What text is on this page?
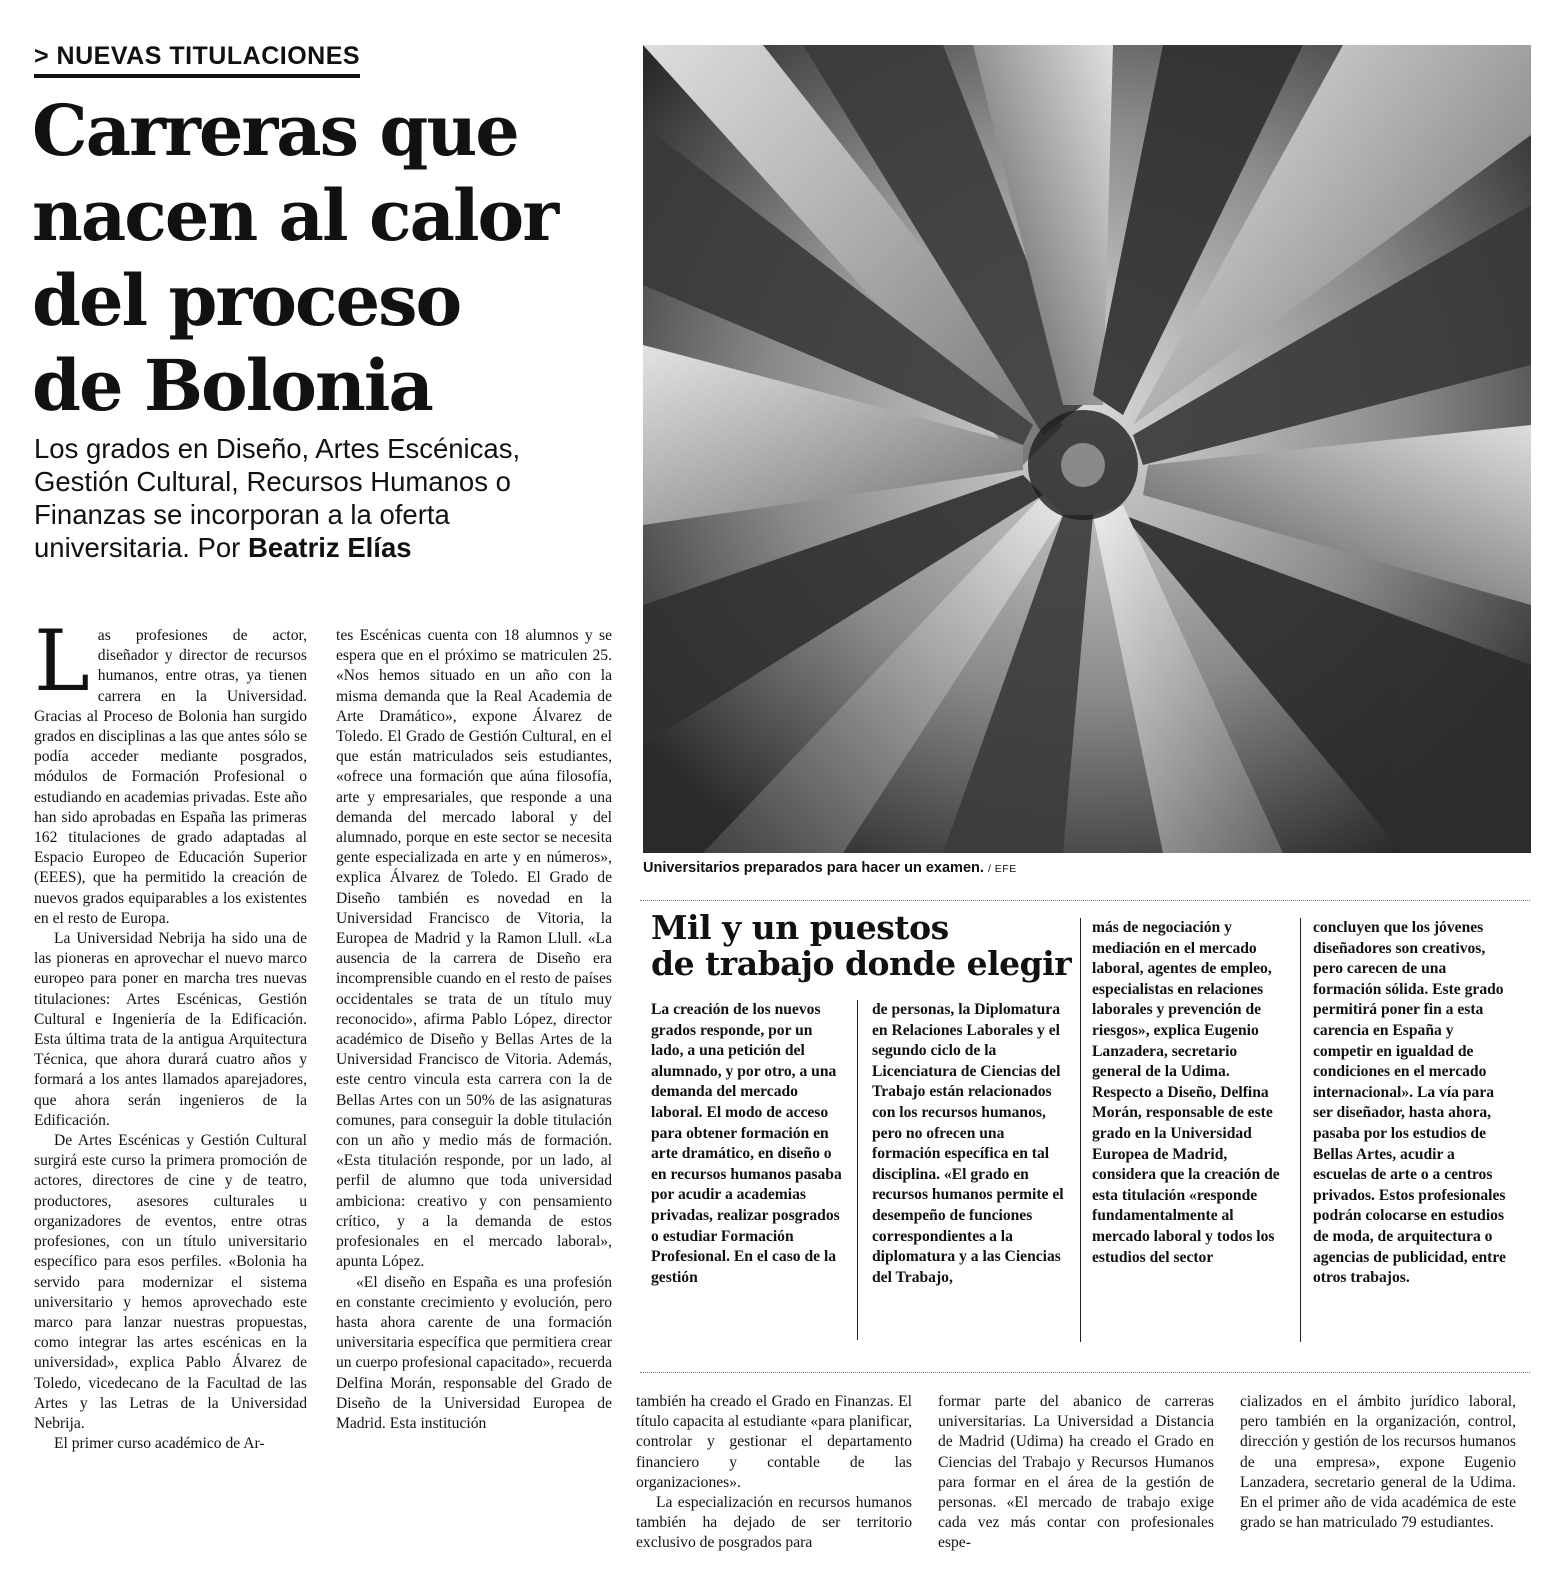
> NUEVAS TITULACIONES
Carreras que
nacen al calor
del proceso
de Bolonia

Los grados en Diseño, Artes Escénicas, Gestión Cultural, Recursos Humanos o Finanzas se incorporan a la oferta universitaria. Por Beatriz Elías

Universitarios preparados para hacer un examen. / EFE

Las profesiones de actor, diseñador y director de recursos humanos, entre otras, ya tienen carrera en la Universidad. Gracias al Proceso de Bolonia han surgido grados en disciplinas a las que antes sólo se podía acceder mediante posgrados, módulos de Formación Profesional o estudiando en academias privadas. Este año han sido aprobadas en España las primeras 162 titulaciones de grado adaptadas al Espacio Europeo de Educación Superior (EEES), que ha permitido la creación de nuevos grados equiparables a los existentes en el resto de Europa.

La Universidad Nebrija ha sido una de las pioneras en aprovechar el nuevo marco europeo para poner en marcha tres nuevas titulaciones: Artes Escénicas, Gestión Cultural e Ingeniería de la Edificación. Esta última trata de la antigua Arquitectura Técnica, que ahora durará cuatro años y formará a los antes llamados aparejadores, que ahora serán ingenieros de la Edificación.

De Artes Escénicas y Gestión Cultural surgirá este curso la primera promoción de actores, directores de cine y de teatro, productores, asesores culturales u organizadores de eventos, entre otras profesiones, con un título universitario específico para esos perfiles. «Bolonia ha servido para modernizar el sistema universitario y hemos aprovechado este marco para lanzar nuestras propuestas, como integrar las artes escénicas en la universidad», explica Pablo Álvarez de Toledo, vicedecano de la Facultad de las Artes y las Letras de la Universidad Nebrija.

El primer curso académico de Ar-

tes Escénicas cuenta con 18 alumnos y se espera que en el próximo se matriculen 25. «Nos hemos situado en un año con la misma demanda que la Real Academia de Arte Dramático», expone Álvarez de Toledo. El Grado de Gestión Cultural, en el que están matriculados seis estudiantes, «ofrece una formación que aúna filosofía, arte y empresariales, que responde a una demanda del mercado laboral y del alumnado, porque en este sector se necesita gente especializada en arte y en números», explica Álvarez de Toledo. El Grado de Diseño también es novedad en la Universidad Francisco de Vitoria, la Europea de Madrid y la Ramon Llull. «La ausencia de la carrera de Diseño era incomprensible cuando en el resto de países occidentales se trata de un título muy reconocido», afirma Pablo López, director académico de Diseño y Bellas Artes de la Universidad Francisco de Vitoria. Además, este centro vincula esta carrera con la de Bellas Artes con un 50% de las asignaturas comunes, para conseguir la doble titulación con un año y medio más de formación. «Esta titulación responde, por un lado, al perfil de alumno que toda universidad ambiciona: creativo y con pensamiento crítico, y a la demanda de estos profesionales en el mercado laboral», apunta López.

«El diseño en España es una profesión en constante crecimiento y evolución, pero hasta ahora carente de una formación universitaria específica que permitiera crear un cuerpo profesional capacitado», recuerda Delfina Morán, responsable del Grado de Diseño de la Universidad Europea de Madrid. Esta institución

también ha creado el Grado en Finanzas. El título capacita al estudiante «para planificar, controlar y gestionar el departamento financiero y contable de las organizaciones».

La especialización en recursos humanos también ha dejado de ser territorio exclusivo de posgrados para

formar parte del abanico de carreras universitarias. La Universidad a Distancia de Madrid (Udima) ha creado el Grado en Ciencias del Trabajo y Recursos Humanos para formar en el área de la gestión de personas. «El mercado de trabajo exige cada vez más contar con profesionales espe-

cializados en el ámbito jurídico laboral, pero también en la organización, control, dirección y gestión de los recursos humanos de una empresa», expone Eugenio Lanzadera, secretario general de la Udima. En el primer año de vida académica de este grado se han matriculado 79 estudiantes.

Mil y un puestos
de trabajo donde elegir

La creación de los nuevos grados responde, por un lado, a una petición del alumnado, y por otro, a una demanda del mercado laboral. El modo de acceso para obtener formación en arte dramático, en diseño o en recursos humanos pasaba por acudir a academias privadas, realizar posgrados o estudiar Formación Profesional. En el caso de la gestión

de personas, la Diplomatura en Relaciones Laborales y el segundo ciclo de la Licenciatura de Ciencias del Trabajo están relacionados con los recursos humanos, pero no ofrecen una formación específica en tal disciplina. «El grado en recursos humanos permite el desempeño de funciones correspondientes a la diplomatura y a las Ciencias del Trabajo,

más de negociación y mediación en el mercado laboral, agentes de empleo, especialistas en relaciones laborales y prevención de riesgos», explica Eugenio Lanzadera, secretario general de la Udima. Respecto a Diseño, Delfina Morán, responsable de este grado en la Universidad Europea de Madrid, considera que la creación de esta titulación «responde fundamentalmente al mercado laboral y todos los estudios del sector

concluyen que los jóvenes diseñadores son creativos, pero carecen de una formación sólida. Este grado permitirá poner fin a esta carencia en España y competir en igualdad de condiciones en el mercado internacional». La vía para ser diseñador, hasta ahora, pasaba por los estudios de Bellas Artes, acudir a escuelas de arte o a centros privados. Estos profesionales podrán colocarse en estudios de moda, de arquitectura o agencias de publicidad, entre otros trabajos.
